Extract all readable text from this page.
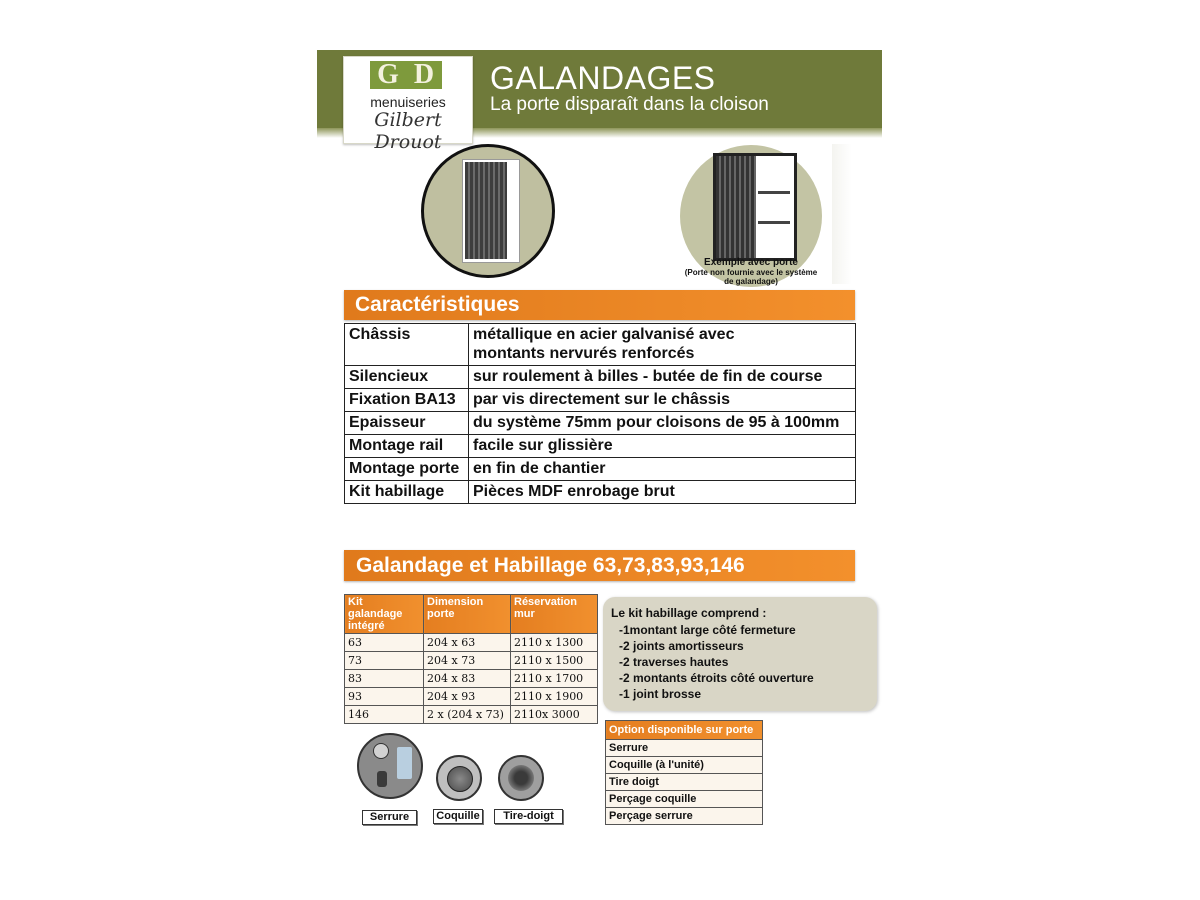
G D
menuiseries
Gilbert Drouot
GALANDAGES
La porte disparaît dans la cloison
Exemple avec porte
(Porte non fournie avec le système de galandage)
Caractéristiques
Châssis	métallique en acier galvanisé avec montants nervurés renforcés
Silencieux	sur roulement à billes - butée de fin de course
Fixation BA13	par vis directement sur le châssis
Epaisseur	du système 75mm pour cloisons de 95 à 100mm
Montage rail	facile sur glissière
Montage porte	en fin de chantier
Kit habillage	Pièces MDF enrobage brut
Galandage et Habillage 63,73,83,93,146
Kit galandage intégré	Dimension porte	Réservation mur
63	204 x 63	2110 x 1300
73	204 x 73	2110 x 1500
83	204 x 83	2110 x 1700
93	204 x 93	2110 x 1900
146	2 x (204 x 73)	2110x 3000
Le kit habillage comprend :
-1montant large côté fermeture
-2 joints amortisseurs
-2 traverses hautes
-2 montants étroits côté ouverture
-1 joint brosse
Option disponible sur porte
Serrure
Coquille (à l'unité)
Tire doigt
Perçage coquille
Perçage serrure
Serrure	Coquille	Tire-doigt
